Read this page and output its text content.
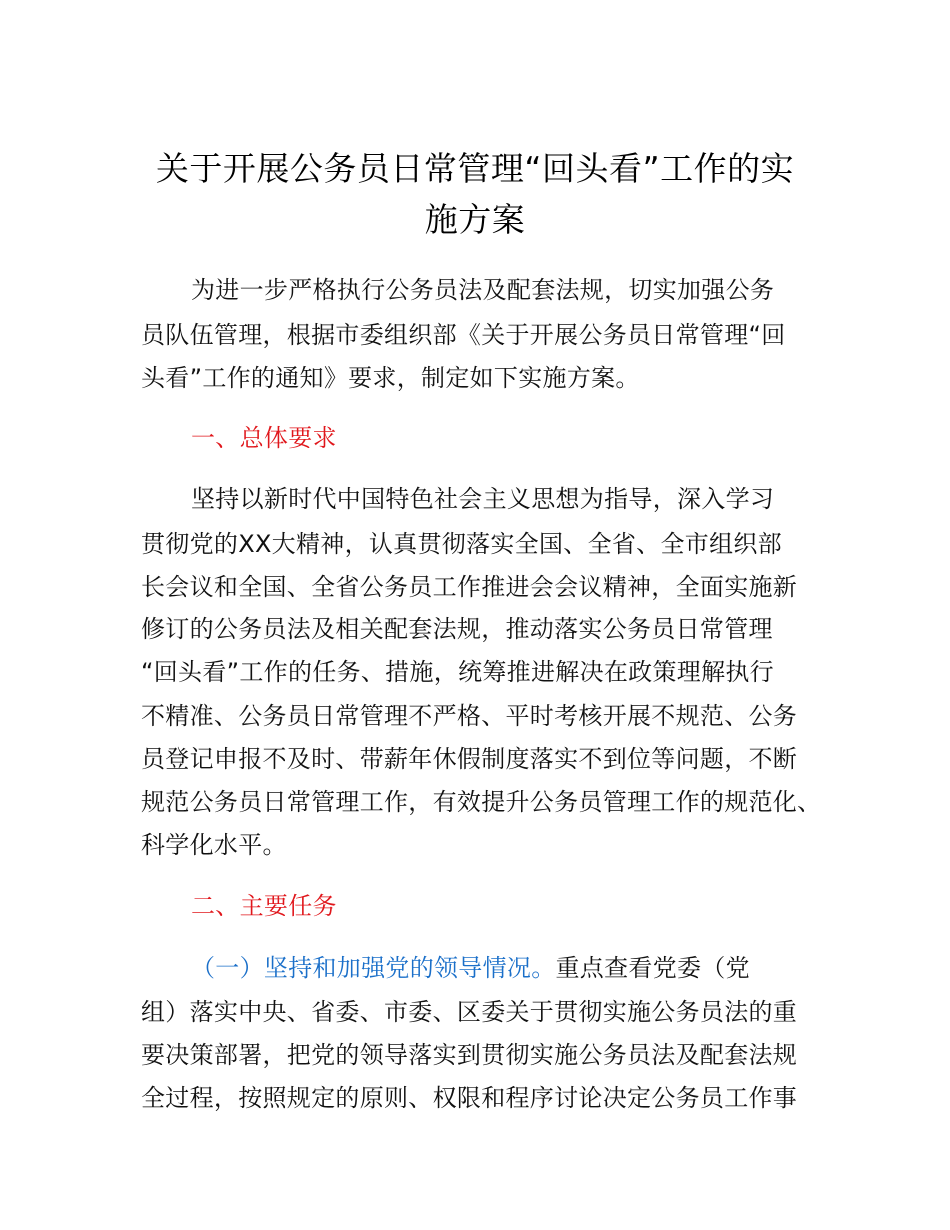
关于开展公务员日常管理“回头看”工作的实
施方案
为进一步严格执行公务员法及配套法规，切实加强公务
员队伍管理，根据市委组织部《关于开展公务员日常管理“回
头看”工作的通知》要求，制定如下实施方案。
一、总体要求
坚持以新时代中国特色社会主义思想为指导，深入学习
贯彻党的XX大精神，认真贯彻落实全国、全省、全市组织部
长会议和全国、全省公务员工作推进会会议精神，全面实施新
修订的公务员法及相关配套法规，推动落实公务员日常管理
“回头看”工作的任务、措施，统筹推进解决在政策理解执行
不精准、公务员日常管理不严格、平时考核开展不规范、公务
员登记申报不及时、带薪年休假制度落实不到位等问题，不断
规范公务员日常管理工作，有效提升公务员管理工作的规范化、
科学化水平。
二、主要任务
（一）坚持和加强党的领导情况。重点查看党委（党
组）落实中央、省委、市委、区委关于贯彻实施公务员法的重
要决策部署，把党的领导落实到贯彻实施公务员法及配套法规
全过程，按照规定的原则、权限和程序讨论决定公务员工作事
